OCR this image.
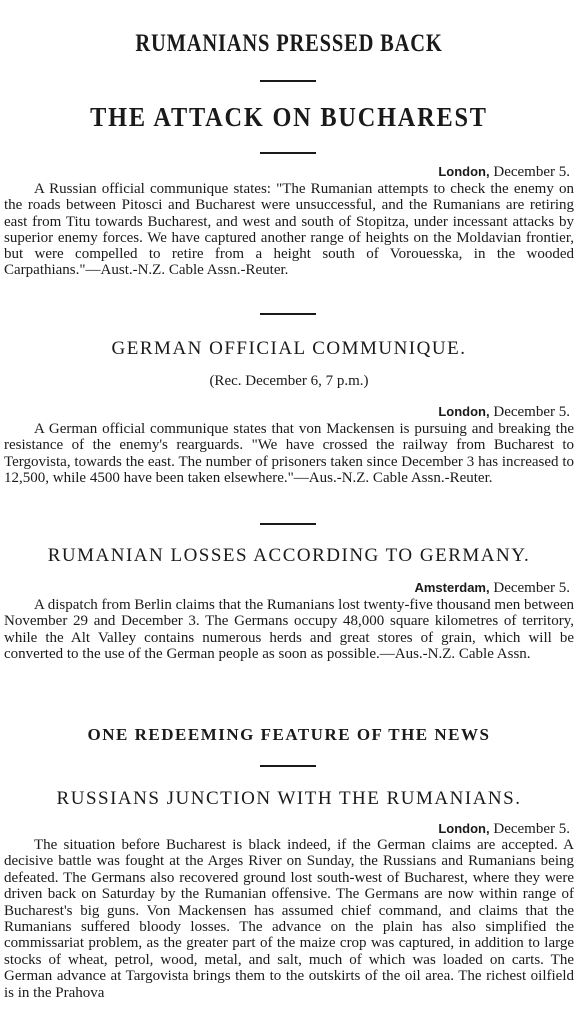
RUMANIANS PRESSED BACK
THE ATTACK ON BUCHAREST
London, December 5.
A Russian official communique states: "The Rumanian attempts to check the enemy on the roads between Pitosci and Bucharest were unsuccessful, and the Rumanians are retiring east from Titu towards Bucharest, and west and south of Stopitza, under incessant attacks by superior enemy forces. We have captured another range of heights on the Moldavian frontier, but were compelled to retire from a height south of Vorouesska, in the wooded Carpathians."—Aust.-N.Z. Cable Assn.-Reuter.
GERMAN OFFICIAL COMMUNIQUE.
(Rec. December 6, 7 p.m.)
London, December 5.
A German official communique states that von Mackensen is pursuing and breaking the resistance of the enemy's rearguards. "We have crossed the railway from Bucharest to Tergovista, towards the east. The number of prisoners taken since December 3 has increased to 12,500, while 4500 have been taken elsewhere."—Aus.-N.Z. Cable Assn.-Reuter.
RUMANIAN LOSSES ACCORDING TO GERMANY.
Amsterdam, December 5.
A dispatch from Berlin claims that the Rumanians lost twenty-five thousand men between November 29 and December 3. The Germans occupy 48,000 square kilometres of territory, while the Alt Valley contains numerous herds and great stores of grain, which will be converted to the use of the German people as soon as possible.—Aus.-N.Z. Cable Assn.
ONE REDEEMING FEATURE OF THE NEWS
RUSSIANS JUNCTION WITH THE RUMANIANS.
London, December 5.
The situation before Bucharest is black indeed, if the German claims are accepted. A decisive battle was fought at the Arges River on Sunday, the Russians and Rumanians being defeated. The Germans also recovered ground lost south-west of Bucharest, where they were driven back on Saturday by the Rumanian offensive. The Germans are now within range of Bucharest's big guns. Von Mackensen has assumed chief command, and claims that the Rumanians suffered bloody losses. The advance on the plain has also simplified the commissariat problem, as the greater part of the maize crop was captured, in addition to large stocks of wheat, petrol, wood, metal, and salt, much of which was loaded on carts. The German advance at Targovista brings them to the outskirts of the oil area. The richest oilfield is in the Prahova
